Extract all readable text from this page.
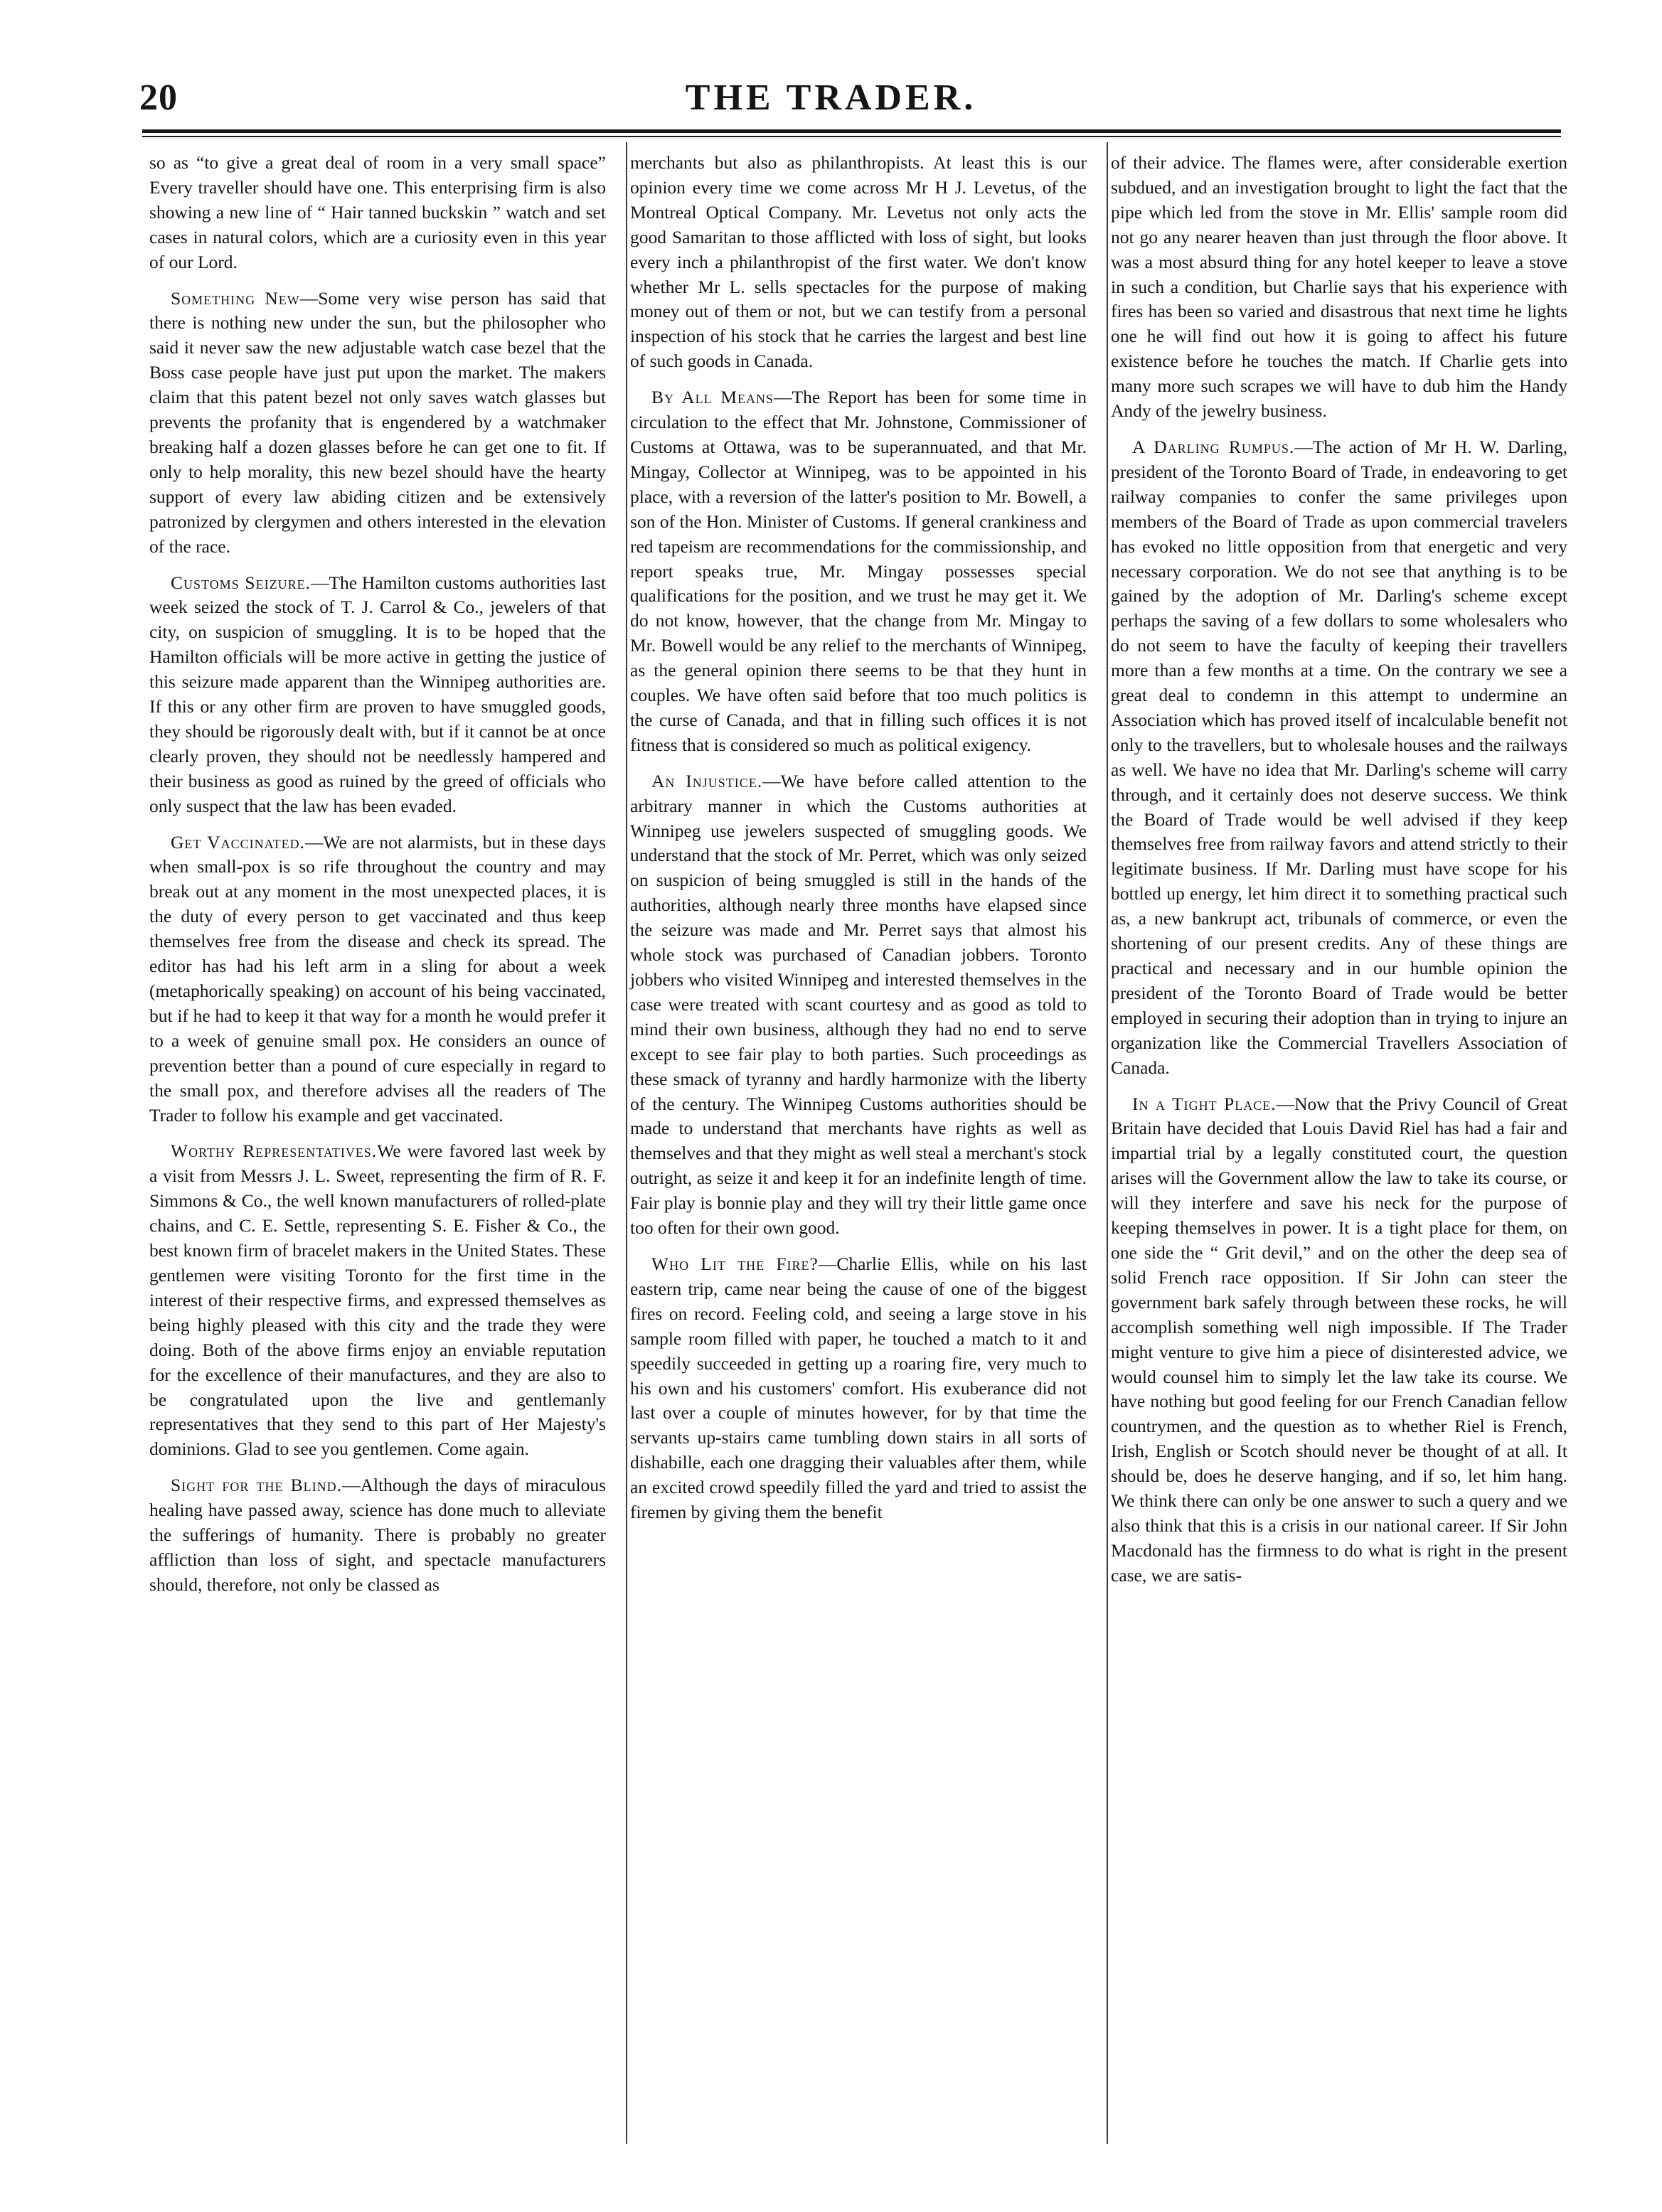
20	THE TRADER.

so as “to give a great deal of room in a very small space” Every traveller should have one. This enterprising firm is also showing a new line of “ Hair tanned buckskin ” watch and set cases in natural colors, which are a curiosity even in this year of our Lord.

Something New—Some very wise person has said that there is nothing new under the sun, but the philosopher who said it never saw the new adjustable watch case bezel that the Boss case people have just put upon the market. The makers claim that this patent bezel not only saves watch glasses but prevents the profanity that is engendered by a watchmaker breaking half a dozen glasses before he can get one to fit. If only to help morality, this new bezel should have the hearty support of every law abiding citizen and be extensively patronized by clergymen and others interested in the elevation of the race.

Customs Seizure.—The Hamilton customs authorities last week seized the stock of T. J. Carrol & Co., jewelers of that city, on suspicion of smuggling. It is to be hoped that the Hamilton officials will be more active in getting the justice of this seizure made apparent than the Winnipeg authorities are. If this or any other firm are proven to have smuggled goods, they should be rigorously dealt with, but if it cannot be at once clearly proven, they should not be needlessly hampered and their business as good as ruined by the greed of officials who only suspect that the law has been evaded.

Get Vaccinated.—We are not alarmists, but in these days when small-pox is so rife throughout the country and may break out at any moment in the most unexpected places, it is the duty of every person to get vaccinated and thus keep themselves free from the disease and check its spread. The editor has had his left arm in a sling for about a week (metaphorically speaking) on account of his being vaccinated, but if he had to keep it that way for a month he would prefer it to a week of genuine small pox. He considers an ounce of prevention better than a pound of cure especially in regard to the small pox, and therefore advises all the readers of The Trader to follow his example and get vaccinated.

Worthy Representatives.We were favored last week by a visit from Messrs J. L. Sweet, representing the firm of R. F. Simmons & Co., the well known manufacturers of rolled-plate chains, and C. E. Settle, representing S. E. Fisher & Co., the best known firm of bracelet makers in the United States. These gentlemen were visiting Toronto for the first time in the interest of their respective firms, and expressed themselves as being highly pleased with this city and the trade they were doing. Both of the above firms enjoy an enviable reputation for the excellence of their manufactures, and they are also to be congratulated upon the live and gentlemanly representatives that they send to this part of Her Majesty's dominions. Glad to see you gentlemen. Come again.

Sight for the Blind.—Although the days of miraculous healing have passed away, science has done much to alleviate the sufferings of humanity. There is probably no greater affliction than loss of sight, and spectacle manufacturers should, therefore, not only be classed as

merchants but also as philanthropists. At least this is our opinion every time we come across Mr H J. Levetus, of the Montreal Optical Company. Mr. Levetus not only acts the good Samaritan to those afflicted with loss of sight, but looks every inch a philanthropist of the first water. We don't know whether Mr L. sells spectacles for the purpose of making money out of them or not, but we can testify from a personal inspection of his stock that he carries the largest and best line of such goods in Canada.

By All Means—The Report has been for some time in circulation to the effect that Mr. Johnstone, Commissioner of Customs at Ottawa, was to be superannuated, and that Mr. Mingay, Collector at Winnipeg, was to be appointed in his place, with a reversion of the latter's position to Mr. Bowell, a son of the Hon. Minister of Customs. If general crankiness and red tapeism are recommendations for the commissionship, and report speaks true, Mr. Mingay possesses special qualifications for the position, and we trust he may get it. We do not know, however, that the change from Mr. Mingay to Mr. Bowell would be any relief to the merchants of Winnipeg, as the general opinion there seems to be that they hunt in couples. We have often said before that too much politics is the curse of Canada, and that in filling such offices it is not fitness that is considered so much as political exigency.

An Injustice.—We have before called attention to the arbitrary manner in which the Customs authorities at Winnipeg use jewelers suspected of smuggling goods. We understand that the stock of Mr. Perret, which was only seized on suspicion of being smuggled is still in the hands of the authorities, although nearly three months have elapsed since the seizure was made and Mr. Perret says that almost his whole stock was purchased of Canadian jobbers. Toronto jobbers who visited Winnipeg and interested themselves in the case were treated with scant courtesy and as good as told to mind their own business, although they had no end to serve except to see fair play to both parties. Such proceedings as these smack of tyranny and hardly harmonize with the liberty of the century. The Winnipeg Customs authorities should be made to understand that merchants have rights as well as themselves and that they might as well steal a merchant's stock outright, as seize it and keep it for an indefinite length of time. Fair play is bonnie play and they will try their little game once too often for their own good.

Who Lit the Fire?—Charlie Ellis, while on his last eastern trip, came near being the cause of one of the biggest fires on record. Feeling cold, and seeing a large stove in his sample room filled with paper, he touched a match to it and speedily succeeded in getting up a roaring fire, very much to his own and his customers' comfort. His exuberance did not last over a couple of minutes however, for by that time the servants up-stairs came tumbling down stairs in all sorts of dishabille, each one dragging their valuables after them, while an excited crowd speedily filled the yard and tried to assist the firemen by giving them the benefit

of their advice. The flames were, after considerable exertion subdued, and an investigation brought to light the fact that the pipe which led from the stove in Mr. Ellis' sample room did not go any nearer heaven than just through the floor above. It was a most absurd thing for any hotel keeper to leave a stove in such a condition, but Charlie says that his experience with fires has been so varied and disastrous that next time he lights one he will find out how it is going to affect his future existence before he touches the match. If Charlie gets into many more such scrapes we will have to dub him the Handy Andy of the jewelry business.

A Darling Rumpus.—The action of Mr H. W. Darling, president of the Toronto Board of Trade, in endeavoring to get railway companies to confer the same privileges upon members of the Board of Trade as upon commercial travelers has evoked no little opposition from that energetic and very necessary corporation. We do not see that anything is to be gained by the adoption of Mr. Darling's scheme except perhaps the saving of a few dollars to some wholesalers who do not seem to have the faculty of keeping their travellers more than a few months at a time. On the contrary we see a great deal to condemn in this attempt to undermine an Association which has proved itself of incalculable benefit not only to the travellers, but to wholesale houses and the railways as well. We have no idea that Mr. Darling's scheme will carry through, and it certainly does not deserve success. We think the Board of Trade would be well advised if they keep themselves free from railway favors and attend strictly to their legitimate business. If Mr. Darling must have scope for his bottled up energy, let him direct it to something practical such as, a new bankrupt act, tribunals of commerce, or even the shortening of our present credits. Any of these things are practical and necessary and in our humble opinion the president of the Toronto Board of Trade would be better employed in securing their adoption than in trying to injure an organization like the Commercial Travellers Association of Canada.

In a Tight Place.—Now that the Privy Council of Great Britain have decided that Louis David Riel has had a fair and impartial trial by a legally constituted court, the question arises will the Government allow the law to take its course, or will they interfere and save his neck for the purpose of keeping themselves in power. It is a tight place for them, on one side the “ Grit devil,” and on the other the deep sea of solid French race opposition. If Sir John can steer the government bark safely through between these rocks, he will accomplish something well nigh impossible. If The Trader might venture to give him a piece of disinterested advice, we would counsel him to simply let the law take its course. We have nothing but good feeling for our French Canadian fellow countrymen, and the question as to whether Riel is French, Irish, English or Scotch should never be thought of at all. It should be, does he deserve hanging, and if so, let him hang. We think there can only be one answer to such a query and we also think that this is a crisis in our national career. If Sir John Macdonald has the firmness to do what is right in the present case, we are satis-
